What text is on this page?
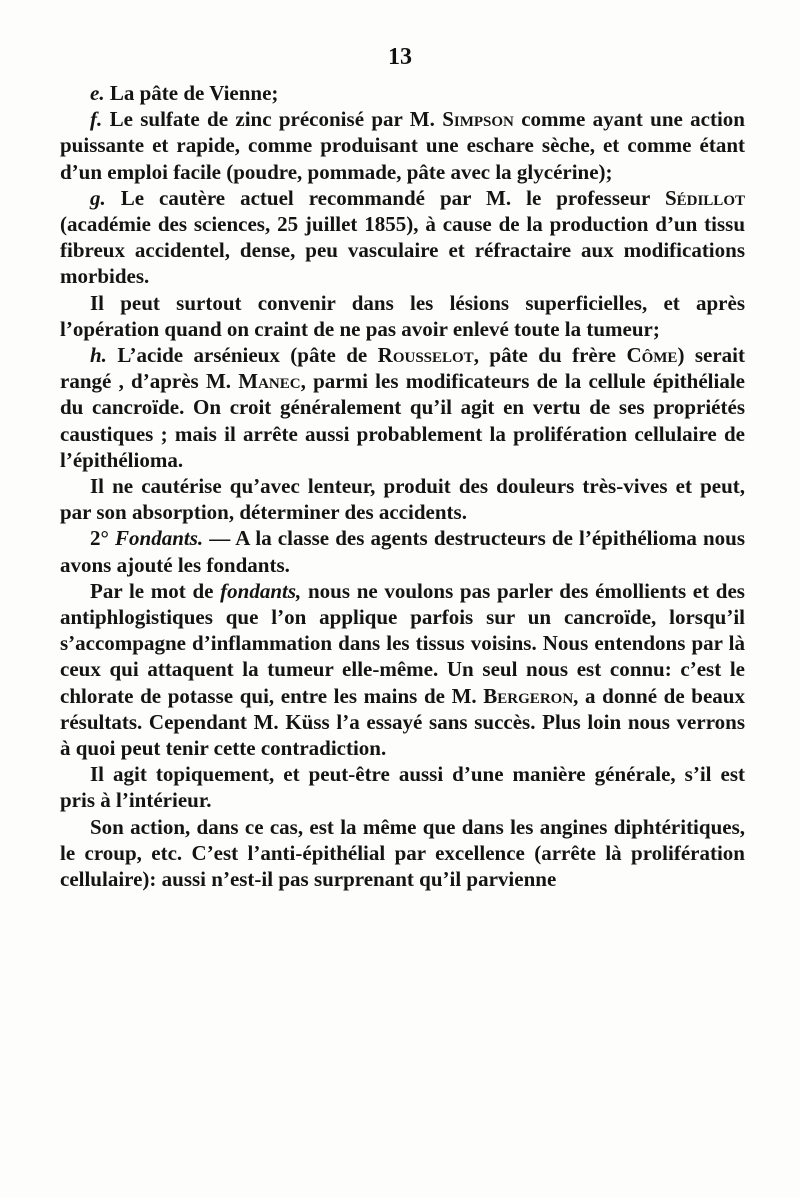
13

e. La pâte de Vienne;

f. Le sulfate de zinc préconisé par M. Simpson comme ayant une action puissante et rapide, comme produisant une eschare sèche, et comme étant d’un emploi facile (poudre, pommade, pâte avec la glycérine);

g. Le cautère actuel recommandé par M. le professeur Sédillot (académie des sciences, 25 juillet 1855), à cause de la production d’un tissu fibreux accidentel, dense, peu vasculaire et réfractaire aux modifications morbides.

Il peut surtout convenir dans les lésions superficielles, et après l’opération quand on craint de ne pas avoir enlevé toute la tumeur;

h. L’acide arsénieux (pâte de Rousselot, pâte du frère Côme) serait rangé , d’après M. Manec, parmi les modificateurs de la cellule épithéliale du cancroïde. On croit généralement qu’il agit en vertu de ses propriétés caustiques ; mais il arrête aussi probablement la prolifération cellulaire de l’épithélioma.

Il ne cautérise qu’avec lenteur, produit des douleurs très-vives et peut, par son absorption, déterminer des accidents.

2° Fondants. — A la classe des agents destructeurs de l’épithélioma nous avons ajouté les fondants.

Par le mot de fondants, nous ne voulons pas parler des émollients et des antiphlogistiques que l’on applique parfois sur un cancroïde, lorsqu’il s’accompagne d’inflammation dans les tissus voisins. Nous entendons par là ceux qui attaquent la tumeur elle-même. Un seul nous est connu: c’est le chlorate de potasse qui, entre les mains de M. Bergeron, a donné de beaux résultats. Cependant M. Küss l’a essayé sans succès. Plus loin nous verrons à quoi peut tenir cette contradiction.

Il agit topiquement, et peut-être aussi d’une manière générale, s’il est pris à l’intérieur.

Son action, dans ce cas, est la même que dans les angines diphtéritiques, le croup, etc. C’est l’anti-épithélial par excellence (arrête là prolifération cellulaire): aussi n’est-il pas surprenant qu’il parvienne
